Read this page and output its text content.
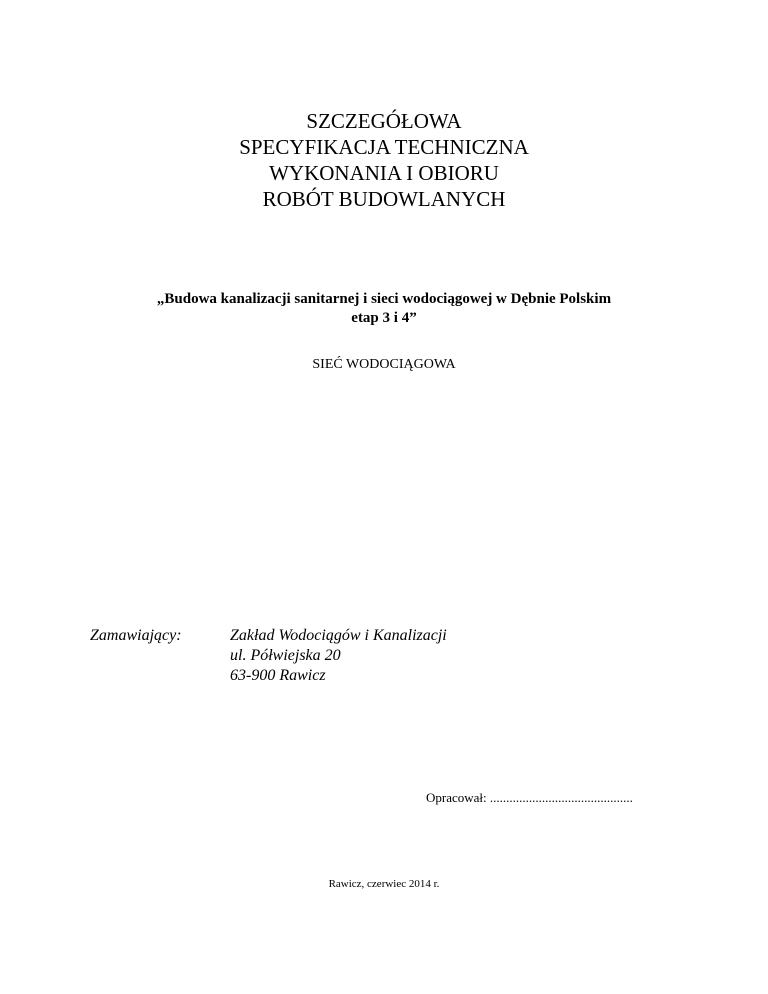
SZCZEGÓŁOWA
SPECYFIKACJA TECHNICZNA
WYKONANIA I OBIORU
ROBÓT BUDOWLANYCH
„Budowa kanalizacji sanitarnej i sieci wodociągowej w Dębnie Polskim
etap 3 i 4”
SIEĆ WODOCIĄGOWA
Zamawiający:	Zakład Wodociągów i Kanalizacji
ul. Półwiejska 20
63-900 Rawicz
Opracował: ............................................
Rawicz, czerwiec 2014 r.
